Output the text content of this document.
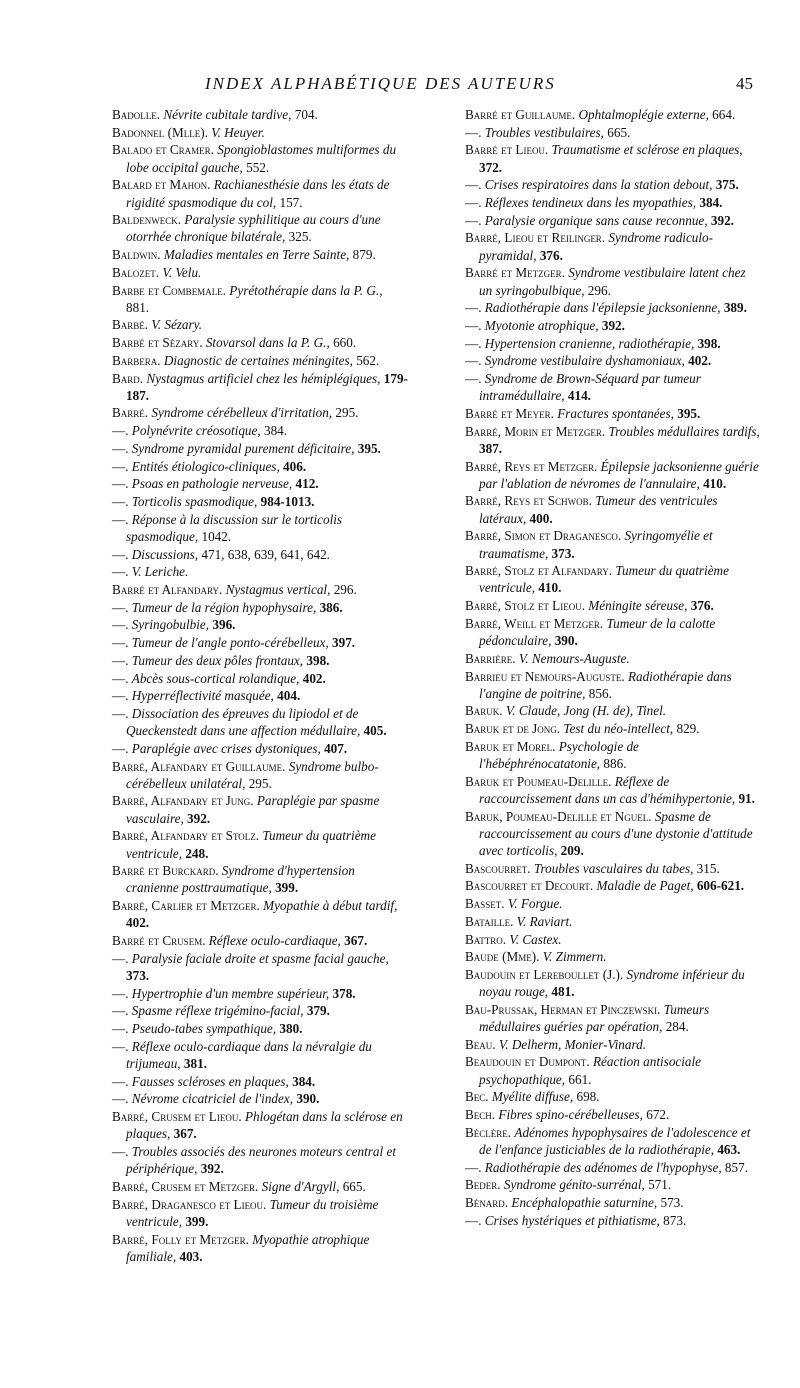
INDEX ALPHABÉTIQUE DES AUTEURS	45

Badolle. Névrite cubitale tardive, 704.

Badonnel (Mlle). V. Heuyer.

Balado et Cramer. Spongioblastomes multiformes du lobe occipital gauche, 552.

Balard et Mahon. Rachianesthésie dans les états de rigidité spasmodique du col, 157.

Baldenweck. Paralysie syphilitique au cours d'une otorrhée chronique bilatérale, 325.

Baldwin. Maladies mentales en Terre Sainte, 879.

Balozet. V. Velu.

Barbe et Combemale. Pyrétothérapie dans la P. G., 881.

Barbé. V. Sézary.

Barbé et Sézary. Stovarsol dans la P. G., 660.

Barbera. Diagnostic de certaines méningites, 562.

Bard. Nystagmus artificiel chez les hémiplégiques, 179-187.

Barré. Syndrome cérébelleux d'irritation, 295.

—. Polynévrite créosotique, 384.

—. Syndrome pyramidal purement déficitaire, 395.

—. Entités étiologico-cliniques, 406.

—. Psoas en pathologie nerveuse, 412.

—. Torticolis spasmodique, 984-1013.

—. Réponse à la discussion sur le torticolis spasmodique, 1042.

—. Discussions, 471, 638, 639, 641, 642.

—. V. Leriche.

Barré et Alfandary. Nystagmus vertical, 296.

—. Tumeur de la région hypophysaire, 386.

—. Syringobulbie, 396.

—. Tumeur de l'angle ponto-cérébelleux, 397.

—. Tumeur des deux pôles frontaux, 398.

—. Abcès sous-cortical rolandique, 402.

—. Hyperréflectivité masquée, 404.

—. Dissociation des épreuves du lipiodol et de Queckenstedt dans une affection médullaire, 405.

—. Paraplégie avec crises dystoniques, 407.

Barré, Alfandary et Guillaume. Syndrome bulbo-cérébelleux unilatéral, 295.

Barré, Alfandary et Jung. Paraplégie par spasme vasculaire, 392.

Barré, Alfandary et Stolz. Tumeur du quatrième ventricule, 248.

Barré et Burckard. Syndrome d'hypertension cranienne posttraumatique, 399.

Barré, Carlier et Metzger. Myopathie à début tardif, 402.

Barré et Crusem. Réflexe oculo-cardiaque, 367.

—. Paralysie faciale droite et spasme facial gauche, 373.

—. Hypertrophie d'un membre supérieur, 378.

—. Spasme réflexe trigémino-facial, 379.

—. Pseudo-tabes sympathique, 380.

—. Réflexe oculo-cardiaque dans la névralgie du trijumeau, 381.

—. Fausses scléroses en plaques, 384.

—. Névrome cicatriciel de l'index, 390.

Barré, Crusem et Lieou. Phlogétan dans la sclérose en plaques, 367.

—. Troubles associés des neurones moteurs central et périphérique, 392.

Barré, Crusem et Metzger. Signe d'Argyll, 665.

Barré, Draganesco et Lieou. Tumeur du troisième ventricule, 399.

Barré, Folly et Metzger. Myopathie atrophique familiale, 403.

Barré et Guillaume. Ophtalmoplégie externe, 664.

—. Troubles vestibulaires, 665.

Barré et Lieou. Traumatisme et sclérose en plaques, 372.

—. Crises respiratoires dans la station debout, 375.

—. Réflexes tendineux dans les myopathies, 384.

—. Paralysie organique sans cause reconnue, 392.

Barré, Lieou et Reilinger. Syndrome radiculo-pyramidal, 376.

Barré et Metzger. Syndrome vestibulaire latent chez un syringobulbique, 296.

—. Radiothérapie dans l'épilepsie jacksonienne, 389.

—. Myotonie atrophique, 392.

—. Hypertension cranienne, radiothérapie, 398.

—. Syndrome vestibulaire dyshamoniaux, 402.

—. Syndrome de Brown-Séquard par tumeur intramédullaire, 414.

Barré et Meyer. Fractures spontanées, 395.

Barré, Morin et Metzger. Troubles médullaires tardifs, 387.

Barré, Reys et Metzger. Épilepsie jacksonienne guérie par l'ablation de névromes de l'annulaire, 410.

Barré, Reys et Schwob. Tumeur des ventricules latéraux, 400.

Barré, Simon et Draganesco. Syringomyélie et traumatisme, 373.

Barré, Stolz et Alfandary. Tumeur du quatrième ventricule, 410.

Barré, Stolz et Lieou. Méningite séreuse, 376.

Barré, Weill et Metzger. Tumeur de la calotte pédonculaire, 390.

Barrière. V. Nemours-Auguste.

Barrieu et Nemours-Auguste. Radiothérapie dans l'angine de poitrine, 856.

Baruk. V. Claude, Jong (H. de), Tinel.

Baruk et de Jong. Test du néo-intellect, 829.

Baruk et Morel. Psychologie de l'hébéphrénocatatonie, 886.

Baruk et Poumeau-Delille. Réflexe de raccourcissement dans un cas d'hémihypertonie, 91.

Baruk, Poumeau-Delille et Nguel. Spasme de raccourcissement au cours d'une dystonie d'attitude avec torticolis, 209.

Bascourret. Troubles vasculaires du tabes, 315.

Bascourret et Decourt. Maladie de Paget, 606-621.

Basset. V. Forgue.

Bataille. V. Raviart.

Battro. V. Castex.

Baude (Mme). V. Zimmern.

Baudouin et Lereboullet (J.). Syndrome inférieur du noyau rouge, 481.

Bau-Prussak, Herman et Pinczewski. Tumeurs médullaires guéries par opération, 284.

Beau. V. Delherm, Monier-Vinard.

Beaudouin et Dumpont. Réaction antisociale psychopathique, 661.

Bec. Myélite diffuse, 698.

Bech. Fibres spino-cérébelleuses, 672.

Béclère. Adénomes hypophysaires de l'adolescence et de l'enfance justiciables de la radiothérapie, 463.

—. Radiothérapie des adénomes de l'hypophyse, 857.

Beder. Syndrome génito-surrénal, 571.

Bénard. Encéphalopathie saturnine, 573.

—. Crises hystériques et pithiatisme, 873.
